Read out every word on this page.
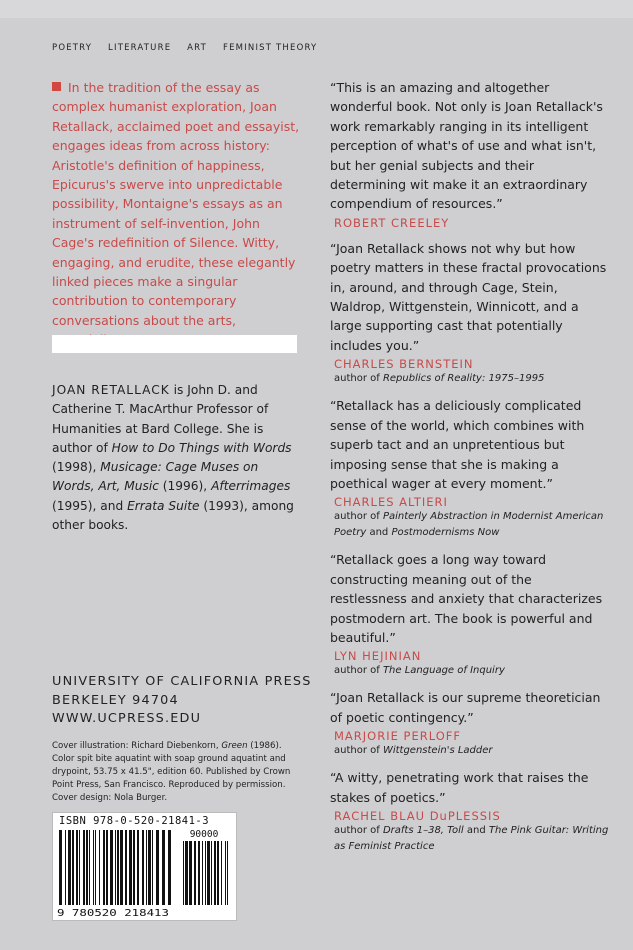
POETRY LITERATURE ART FEMINIST THEORY
In the tradition of the essay as complex humanist exploration, Joan Retallack, acclaimed poet and essayist, engages ideas from across history: Aristotle's definition of happiness, Epicurus's swerve into unpredictable possibility, Montaigne's essays as an instrument of self-invention, John Cage's redefinition of Silence. Witty, engaging, and erudite, these elegantly linked pieces make a singular contribution to contemporary conversations about the arts,
JOAN RETALLACK is John D. and Catherine T. MacArthur Professor of Humanities at Bard College. She is author of How to Do Things with Words (1998), Musicage: Cage Muses on Words, Art, Music (1996), Afterrimages (1995), and Errata Suite (1993), among other books.
UNIVERSITY OF CALIFORNIA PRESS
BERKELEY 94704
WWW.UCPRESS.EDU
Cover illustration: Richard Diebenkorn, Green (1986). Color spit bite aquatint with soap ground aquatint and drypoint, 53.75 x 41.5", edition 60. Published by Crown Point Press, San Francisco. Reproduced by permission. Cover design: Nola Burger.
ISBN 978-0-520-21841-3
90000
9 780520 218413
“This is an amazing and altogether wonderful book. Not only is Joan Retallack's work remarkably ranging in its intelligent perception of what's of use and what isn't, but her genial subjects and their determining wit make it an extraordinary compendium of resources.”
ROBERT CREELEY
“Joan Retallack shows not why but how poetry matters in these fractal provocations in, around, and through Cage, Stein, Waldrop, Wittgenstein, Winnicott, and a large supporting cast that potentially includes you.”
CHARLES BERNSTEIN
author of Republics of Reality: 1975–1995
“Retallack has a deliciously complicated sense of the world, which combines with superb tact and an unpretentious but imposing sense that she is making a poethical wager at every moment.”
CHARLES ALTIERI
author of Painterly Abstraction in Modernist American Poetry and Postmodernisms Now
“Retallack goes a long way toward constructing meaning out of the restlessness and anxiety that characterizes postmodern art. The book is powerful and beautiful.”
LYN HEJINIAN
author of The Language of Inquiry
“Joan Retallack is our supreme theoretician of poetic contingency.”
MARJORIE PERLOFF
author of Wittgenstein's Ladder
“A witty, penetrating work that raises the stakes of poetics.”
RACHEL BLAU DuPLESSIS
author of Drafts 1–38, Toll and The Pink Guitar: Writing as Feminist Practice
